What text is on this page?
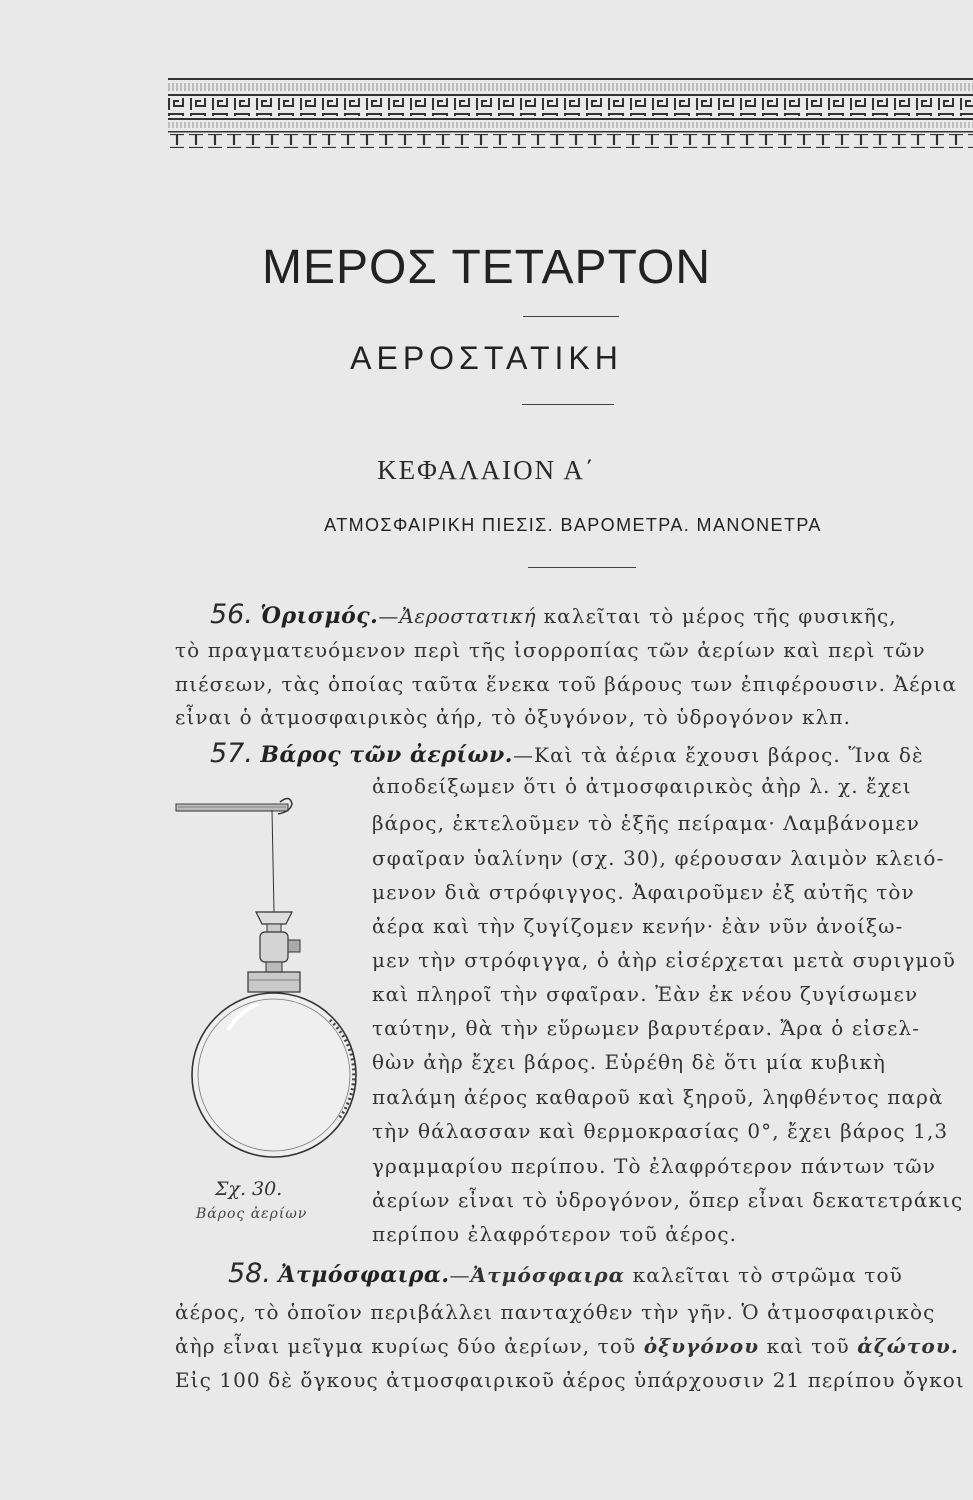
ΜΕΡΟΣ ΤΕΤΑΡΤΟΝ
ΑΕΡΟΣΤΑΤΙΚΗ
ΚΕΦΑΛΑΙΟΝ Α΄
ΑΤΜΟΣΦΑΙΡΙΚΗ ΠΙΕΣΙΣ. ΒΑΡΟΜΕΤΡΑ. ΜΑΝΟΝΕΤΡΑ
56. Ὁρισμός.—Ἀεροστατική καλεῖται τὸ μέρος τῆς φυσικῆς,
τὸ πραγματευόμενον περὶ τῆς ἰσορροπίας τῶν ἀερίων καὶ περὶ τῶν
πιέσεων, τὰς ὁποίας ταῦτα ἕνεκα τοῦ βάρους των ἐπιφέρουσιν. Ἀέρια
εἶναι ὁ ἀτμοσφαιρικὸς ἀήρ, τὸ ὀξυγόνον, τὸ ὑδρογόνον κλπ.
57. Βάρος τῶν ἀερίων.—Καὶ τὰ ἀέρια ἔχουσι βάρος. Ἵνα δὲ
ἀποδείξωμεν ὅτι ὁ ἀτμοσφαιρικὸς ἀὴρ λ. χ. ἔχει
βάρος, ἐκτελοῦμεν τὸ ἑξῆς πείραμα· Λαμβάνομεν
σφαῖραν ὑαλίνην (σχ. 30), φέρουσαν λαιμὸν κλειό-
μενον διὰ στρόφιγγος. Ἀφαιροῦμεν ἐξ αὐτῆς τὸν
ἀέρα καὶ τὴν ζυγίζομεν κενήν· ἐὰν νῦν ἀνοίξω-
μεν τὴν στρόφιγγα, ὁ ἀὴρ εἰσέρχεται μετὰ συριγμοῦ
καὶ πληροῖ τὴν σφαῖραν. Ἐὰν ἐκ νέου ζυγίσωμεν
ταύτην, θὰ τὴν εὕρωμεν βαρυτέραν. Ἄρα ὁ εἰσελ-
θὼν ἀὴρ ἔχει βάρος. Εὑρέθη δὲ ὅτι μία κυβικὴ
παλάμη ἀέρος καθαροῦ καὶ ξηροῦ, ληφθέντος παρὰ
τὴν θάλασσαν καὶ θερμοκρασίας 0°, ἔχει βάρος 1,3
γραμμαρίου περίπου. Τὸ ἐλαφρότερον πάντων τῶν
ἀερίων εἶναι τὸ ὑδρογόνον, ὅπερ εἶναι δεκατετράκις
περίπου ἐλαφρότερον τοῦ ἀέρος.
Σχ. 30.
Βάρος ἀερίων
58. Ἀτμόσφαιρα.—Ἀτμόσφαιρα καλεῖται τὸ στρῶμα τοῦ
ἀέρος, τὸ ὁποῖον περιβάλλει πανταχόθεν τὴν γῆν. Ὁ ἀτμοσφαιρικὸς
ἀὴρ εἶναι μεῖγμα κυρίως δύο ἀερίων, τοῦ ὀξυγόνου καὶ τοῦ ἀζώτου.
Εἰς 100 δὲ ὄγκους ἀτμοσφαιρικοῦ ἀέρος ὑπάρχουσιν 21 περίπου ὄγκοι
